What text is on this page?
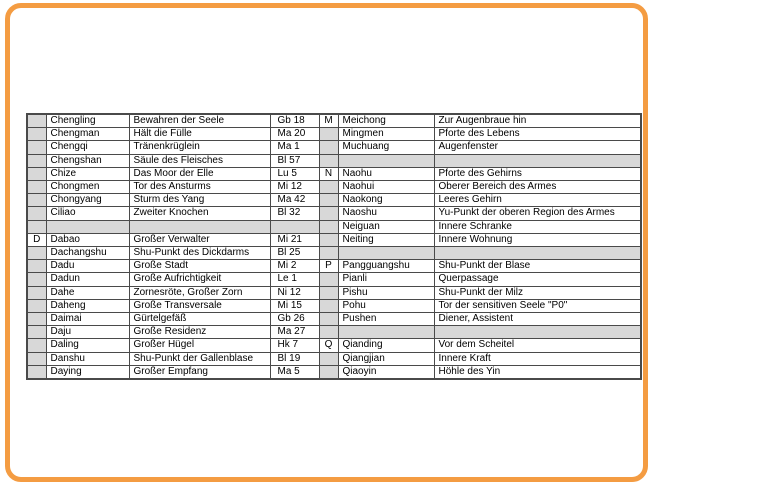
	Chengling	Bewahren der Seele	Gb 18	M	Meichong	Zur Augenbraue hin
	Chengman	Hält die Fülle	Ma 20		Mingmen	Pforte des Lebens
	Chengqi	Tränenkrüglein	Ma 1		Muchuang	Augenfenster
	Chengshan	Säule des Fleisches	Bl 57			
	Chize	Das Moor der Elle	Lu 5	N	Naohu	Pforte des Gehirns
	Chongmen	Tor des Ansturms	Mi 12		Naohui	Oberer Bereich des Armes
	Chongyang	Sturm des Yang	Ma 42		Naokong	Leeres Gehirn
	Ciliao	Zweiter Knochen	Bl 32		Naoshu	Yu-Punkt der oberen Region des Armes
					Neiguan	Innere Schranke
D	Dabao	Großer Verwalter	Mi 21		Neiting	Innere Wohnung
	Dachangshu	Shu-Punkt des Dickdarms	Bl 25			
	Dadu	Große Stadt	Mi 2	P	Pangguangshu	Shu-Punkt der Blase
	Dadun	Große Aufrichtigkeit	Le 1		Pianli	Querpassage
	Dahe	Zornesröte, Großer Zorn	Ni 12		Pishu	Shu-Punkt der Milz
	Daheng	Große Transversale	Mi 15		Pohu	Tor der sensitiven Seele "P0"
	Daimai	Gürtelgefäß	Gb 26		Pushen	Diener, Assistent
	Daju	Große Residenz	Ma 27			
	Daling	Großer Hügel	Hk 7	Q	Qianding	Vor dem Scheitel
	Danshu	Shu-Punkt der Gallenblase	Bl 19		Qiangjian	Innere Kraft
	Daying	Großer Empfang	Ma 5		Qiaoyin	Höhle des Yin
